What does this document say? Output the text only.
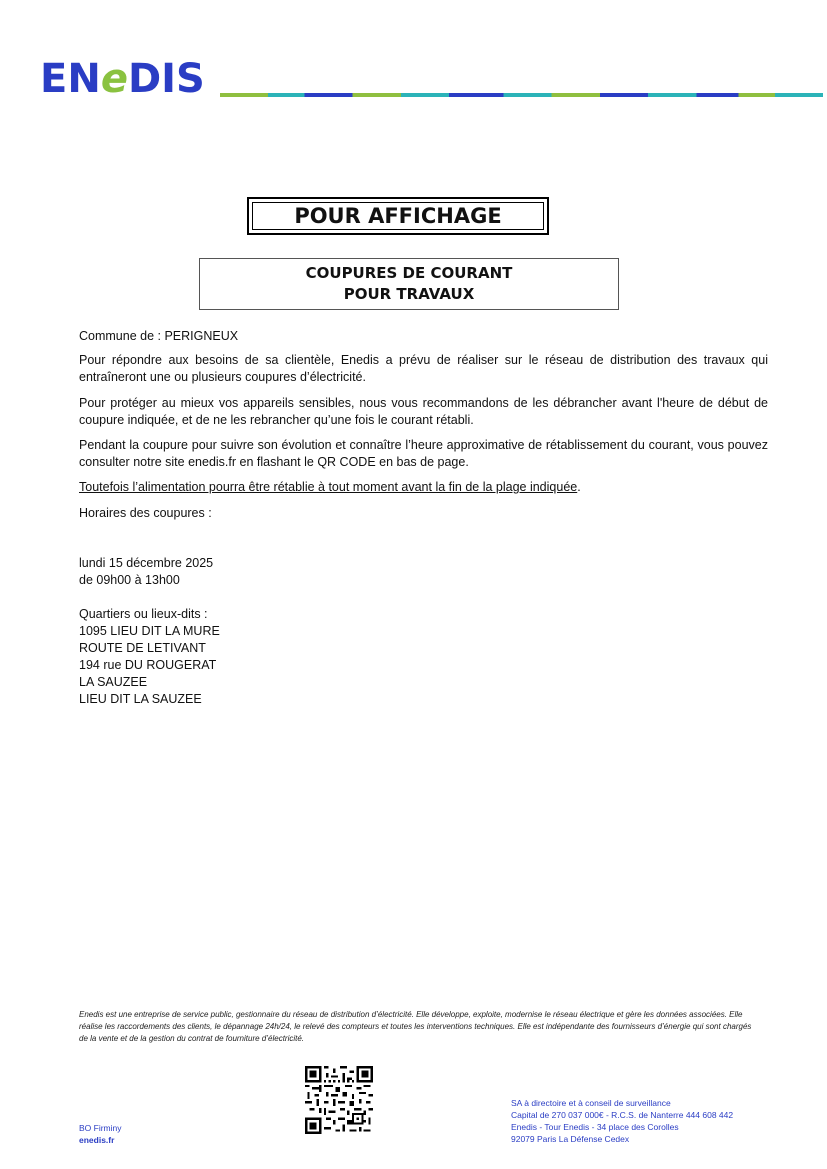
ENeDIS
POUR AFFICHAGE
COUPURES DE COURANT
POUR TRAVAUX
Commune de : PERIGNEUX
Pour répondre aux besoins de sa clientèle, Enedis a prévu de réaliser sur le réseau de distribution des travaux qui entraîneront une ou plusieurs coupures d’électricité.
Pour protéger au mieux vos appareils sensibles, nous vous recommandons de les débrancher avant l'heure de début de coupure indiquée, et de ne les rebrancher qu’une fois le courant rétabli.
Pendant la coupure pour suivre son évolution et connaître l’heure approximative de rétablissement du courant, vous pouvez consulter notre site enedis.fr en flashant le QR CODE en bas de page.
Toutefois l’alimentation pourra être rétablie à tout moment avant la fin de la plage indiquée.
Horaires des coupures :
lundi 15 décembre 2025
de 09h00 à 13h00
Quartiers ou lieux-dits :
1095 LIEU DIT LA MURE
ROUTE DE LETIVANT
194 rue DU ROUGERAT
LA SAUZEE
LIEU DIT LA SAUZEE
Enedis est une entreprise de service public, gestionnaire du réseau de distribution d’électricité. Elle développe, exploite, modernise le réseau électrique et gère les données associées. Elle réalise les raccordements des clients, le dépannage 24h/24, le relevé des compteurs et toutes les interventions techniques. Elle est indépendante des fournisseurs d’énergie qui sont chargés de la vente et de la gestion du contrat de fourniture d’électricité.
SA à directoire et à conseil de surveillance
Capital de 270 037 000€ - R.C.S. de Nanterre 444 608 442
Enedis - Tour Enedis - 34 place des Corolles
92079 Paris La Défense Cedex
BO Firminy
enedis.fr
